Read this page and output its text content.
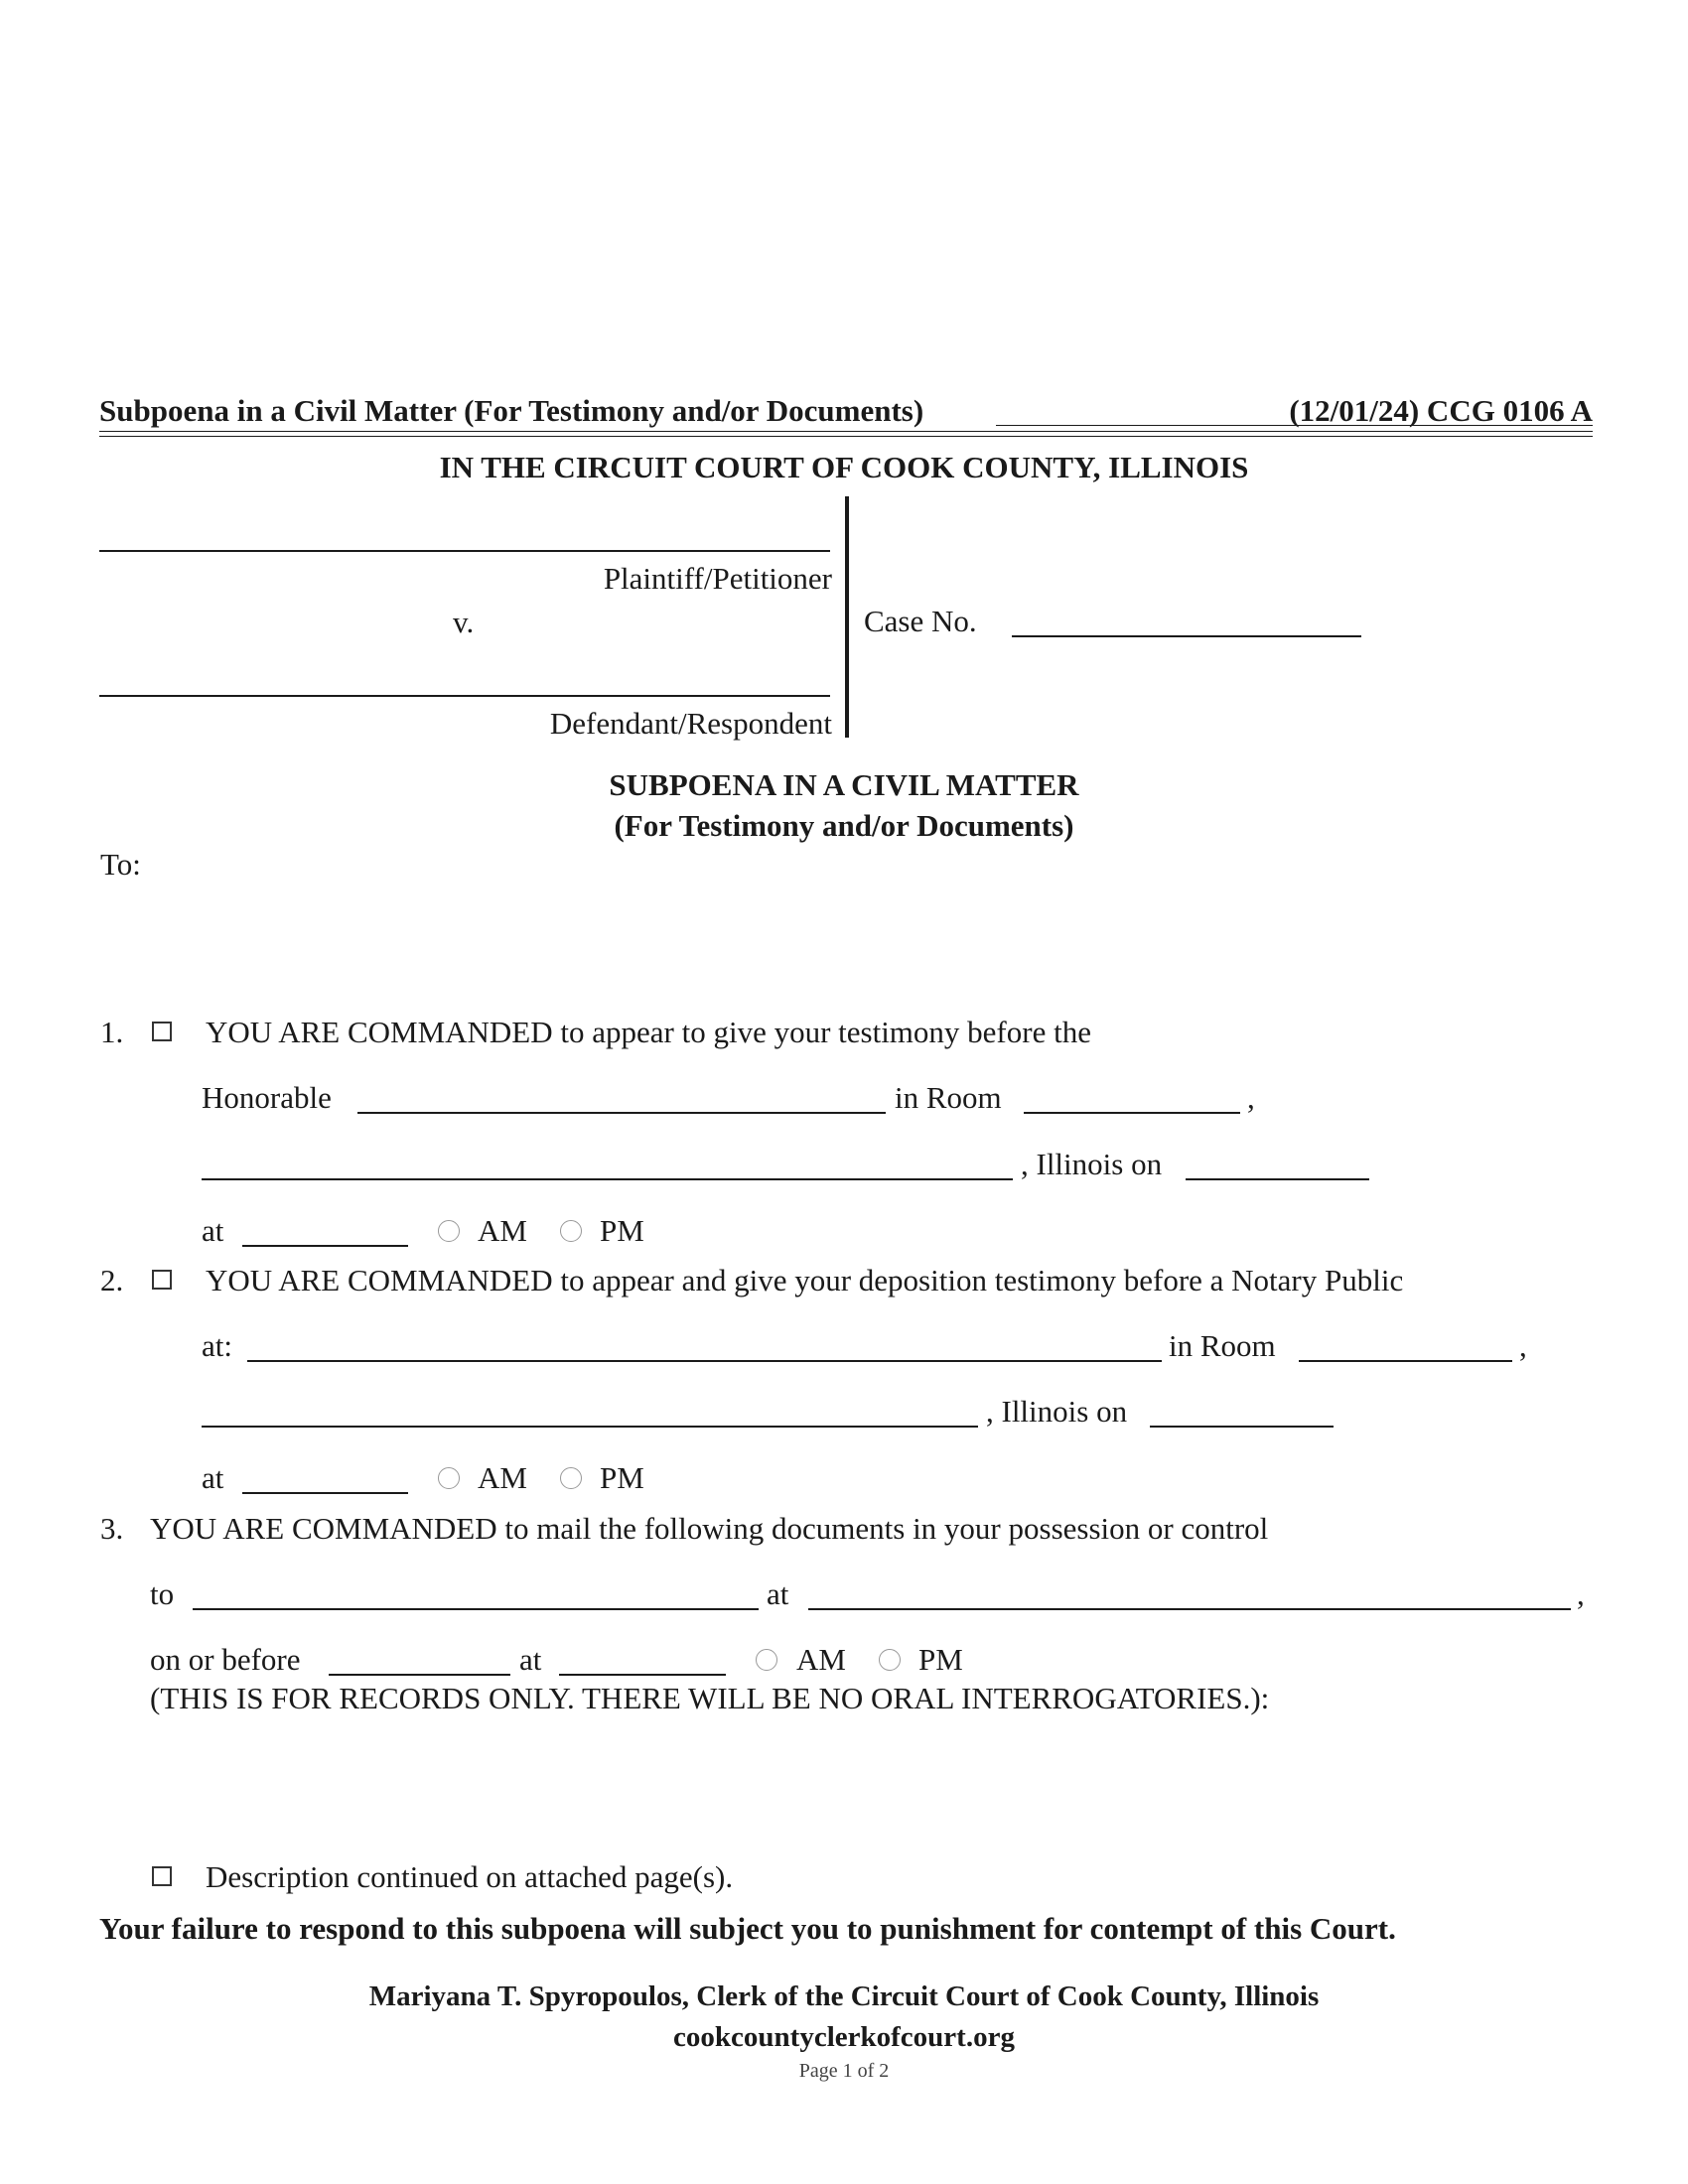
Subpoena in a Civil Matter (For Testimony and/or Documents)	(12/01/24) CCG 0106 A
IN THE CIRCUIT COURT OF COOK COUNTY, ILLINOIS
Plaintiff/Petitioner
v.
Defendant/Respondent
Case No.
SUBPOENA IN A CIVIL MATTER
(For Testimony and/or Documents)
To:
1.	YOU ARE COMMANDED to appear to give your testimony before the
Honorable	in Room	,
, Illinois on
at	AM PM
2.	YOU ARE COMMANDED to appear and give your deposition testimony before a Notary Public
at:	in Room	,
, Illinois on
at	AM PM
3. YOU ARE COMMANDED to mail the following documents in your possession or control
to	at	,
on or before	at	AM PM
(THIS IS FOR RECORDS ONLY. THERE WILL BE NO ORAL INTERROGATORIES.):
Description continued on attached page(s).
Your failure to respond to this subpoena will subject you to punishment for contempt of this Court.
Mariyana T. Spyropoulos, Clerk of the Circuit Court of Cook County, Illinois
cookcountyclerkofcourt.org
Page 1 of 2
